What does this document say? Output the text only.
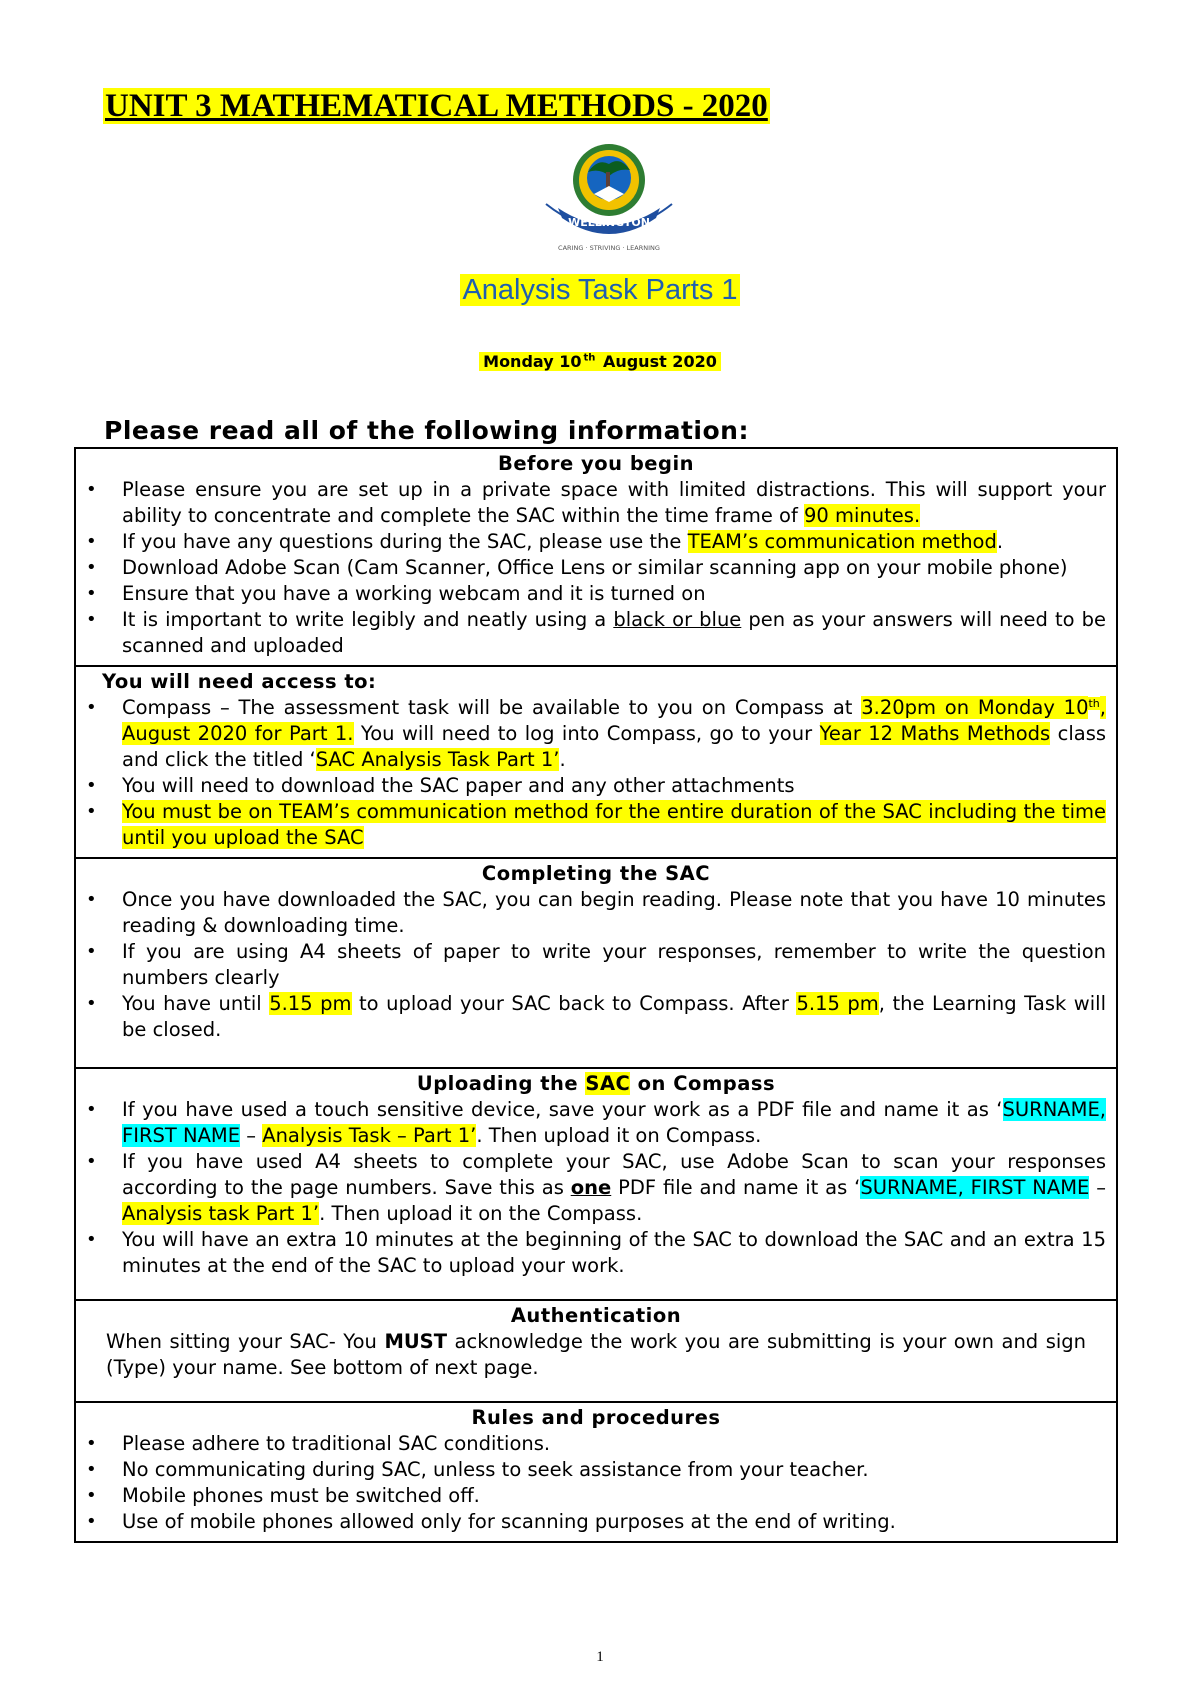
UNIT 3 MATHEMATICAL METHODS - 2020
WELLINGTON
CARING · STRIVING · LEARNING
Analysis Task Parts 1
Monday 10 $^{th}$ August 2020
Please read all of the following information:
Before you begin
• Please ensure you are set up in a private space with limited distractions. This will support your ability to concentrate and complete the SAC within the time frame of 90 minutes.
• If you have any questions during the SAC, please use the TEAM’s communication method.
• Download Adobe Scan (Cam Scanner, Office Lens or similar scanning app on your mobile phone)
• Ensure that you have a working webcam and it is turned on
• It is important to write legibly and neatly using a black or blue pen as your answers will need to be scanned and uploaded
You will need access to:
• Compass – The assessment task will be available to you on Compass at 3.20pm on Monday 10th, August 2020 for Part 1. You will need to log into Compass, go to your Year 12 Maths Methods class and click the titled ‘SAC Analysis Task Part 1’.
• You will need to download the SAC paper and any other attachments
• You must be on TEAM’s communication method for the entire duration of the SAC including the time until you upload the SAC
Completing the SAC
• Once you have downloaded the SAC, you can begin reading. Please note that you have 10 minutes reading & downloading time.
• If you are using A4 sheets of paper to write your responses, remember to write the question numbers clearly
• You have until 5.15 pm to upload your SAC back to Compass. After 5.15 pm, the Learning Task will be closed.
Uploading the SAC on Compass
• If you have used a touch sensitive device, save your work as a PDF file and name it as ‘SURNAME, FIRST NAME – Analysis Task – Part 1’. Then upload it on Compass.
• If you have used A4 sheets to complete your SAC, use Adobe Scan to scan your responses according to the page numbers. Save this as one PDF file and name it as ‘SURNAME, FIRST NAME – Analysis task Part 1’. Then upload it on the Compass.
• You will have an extra 10 minutes at the beginning of the SAC to download the SAC and an extra 15 minutes at the end of the SAC to upload your work.
Authentication
When sitting your SAC- You MUST acknowledge the work you are submitting is your own and sign (Type) your name. See bottom of next page.
Rules and procedures
• Please adhere to traditional SAC conditions.
• No communicating during SAC, unless to seek assistance from your teacher.
• Mobile phones must be switched off.
• Use of mobile phones allowed only for scanning purposes at the end of writing.
1
